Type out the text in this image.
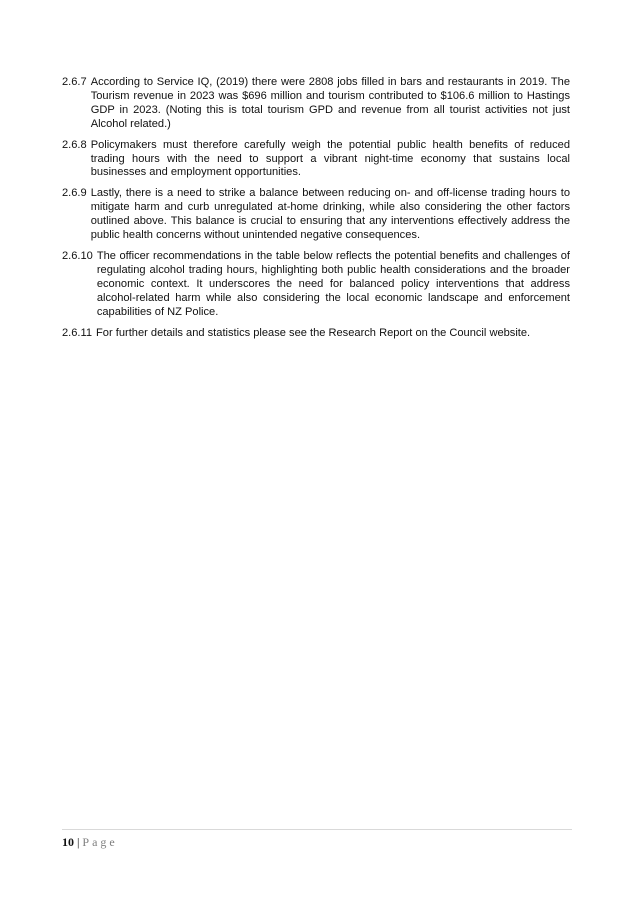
2.6.7 According to Service IQ, (2019) there were 2808 jobs filled in bars and restaurants in 2019. The Tourism revenue in 2023 was $696 million and tourism contributed to $106.6 million to Hastings GDP in 2023. (Noting this is total tourism GPD and revenue from all tourist activities not just Alcohol related.)
2.6.8 Policymakers must therefore carefully weigh the potential public health benefits of reduced trading hours with the need to support a vibrant night-time economy that sustains local businesses and employment opportunities.
2.6.9 Lastly, there is a need to strike a balance between reducing on- and off-license trading hours to mitigate harm and curb unregulated at-home drinking, while also considering the other factors outlined above. This balance is crucial to ensuring that any interventions effectively address the public health concerns without unintended negative consequences.
2.6.10 The officer recommendations in the table below reflects the potential benefits and challenges of regulating alcohol trading hours, highlighting both public health considerations and the broader economic context. It underscores the need for balanced policy interventions that address alcohol-related harm while also considering the local economic landscape and enforcement capabilities of NZ Police.
2.6.11 For further details and statistics please see the Research Report on the Council website.
10 | Page
